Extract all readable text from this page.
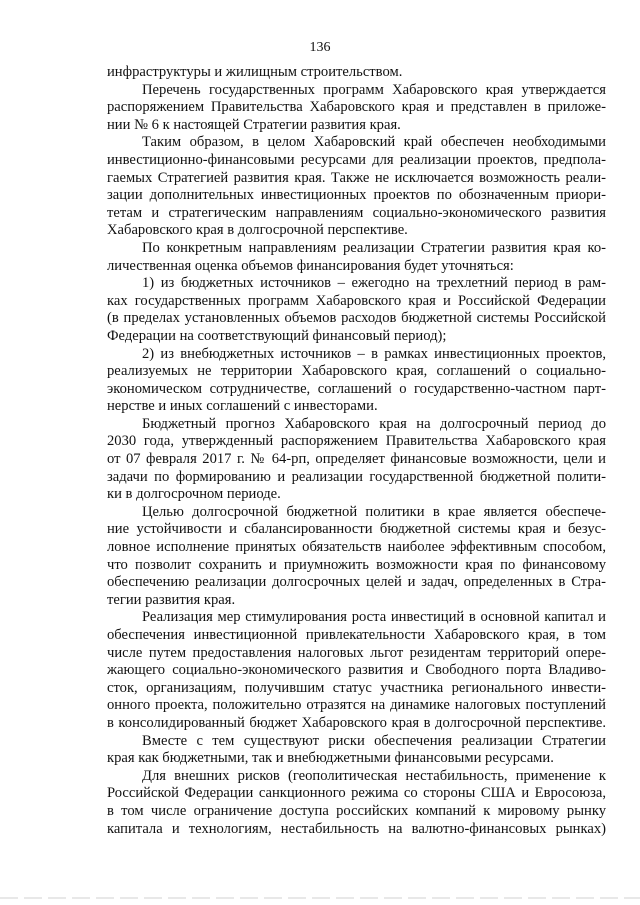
136
инфраструктуры и жилищным строительством.
Перечень государственных программ Хабаровского края утверждается
распоряжением Правительства Хабаровского края и представлен в приложе-
нии № 6 к настоящей Стратегии развития края.
Таким образом, в целом Хабаровский край обеспечен необходимыми
инвестиционно-финансовыми ресурсами для реализации проектов, предпола-
гаемых Стратегией развития края. Также не исключается возможность реали-
зации дополнительных инвестиционных проектов по обозначенным приори-
тетам и стратегическим направлениям социально-экономического развития
Хабаровского края в долгосрочной перспективе.
По конкретным направлениям реализации Стратегии развития края ко-
личественная оценка объемов финансирования будет уточняться:
1) из бюджетных источников – ежегодно на трехлетний период в рам-
ках государственных программ Хабаровского края и Российской Федерации
(в пределах установленных объемов расходов бюджетной системы Российской
Федерации на соответствующий финансовый период);
2) из внебюджетных источников – в рамках инвестиционных проектов,
реализуемых не территории Хабаровского края, соглашений о социально-
экономическом сотрудничестве, соглашений о государственно-частном парт-
нерстве и иных соглашений с инвесторами.
Бюджетный прогноз Хабаровского края на долгосрочный период до
2030 года, утвержденный распоряжением Правительства Хабаровского края
от 07 февраля 2017 г. № 64-рп, определяет финансовые возможности, цели и
задачи по формированию и реализации государственной бюджетной полити-
ки в долгосрочном периоде.
Целью долгосрочной бюджетной политики в крае является обеспече-
ние устойчивости и сбалансированности бюджетной системы края и безус-
ловное исполнение принятых обязательств наиболее эффективным способом,
что позволит сохранить и приумножить возможности края по финансовому
обеспечению реализации долгосрочных целей и задач, определенных в Стра-
тегии развития края.
Реализация мер стимулирования роста инвестиций в основной капитал и
обеспечения инвестиционной привлекательности Хабаровского края, в том
числе путем предоставления налоговых льгот резидентам территорий опере-
жающего социально-экономического развития и Свободного порта Владиво-
сток, организациям, получившим статус участника регионального инвести-
онного проекта, положительно отразятся на динамике налоговых поступлений
в консолидированный бюджет Хабаровского края в долгосрочной перспективе.
Вместе с тем существуют риски обеспечения реализации Стратегии
края как бюджетными, так и внебюджетными финансовыми ресурсами.
Для внешних рисков (геополитическая нестабильность, применение к
Российской Федерации санкционного режима со стороны США и Евросоюза,
в том числе ограничение доступа российских компаний к мировому рынку
капитала и технологиям, нестабильность на валютно-финансовых рынках)
